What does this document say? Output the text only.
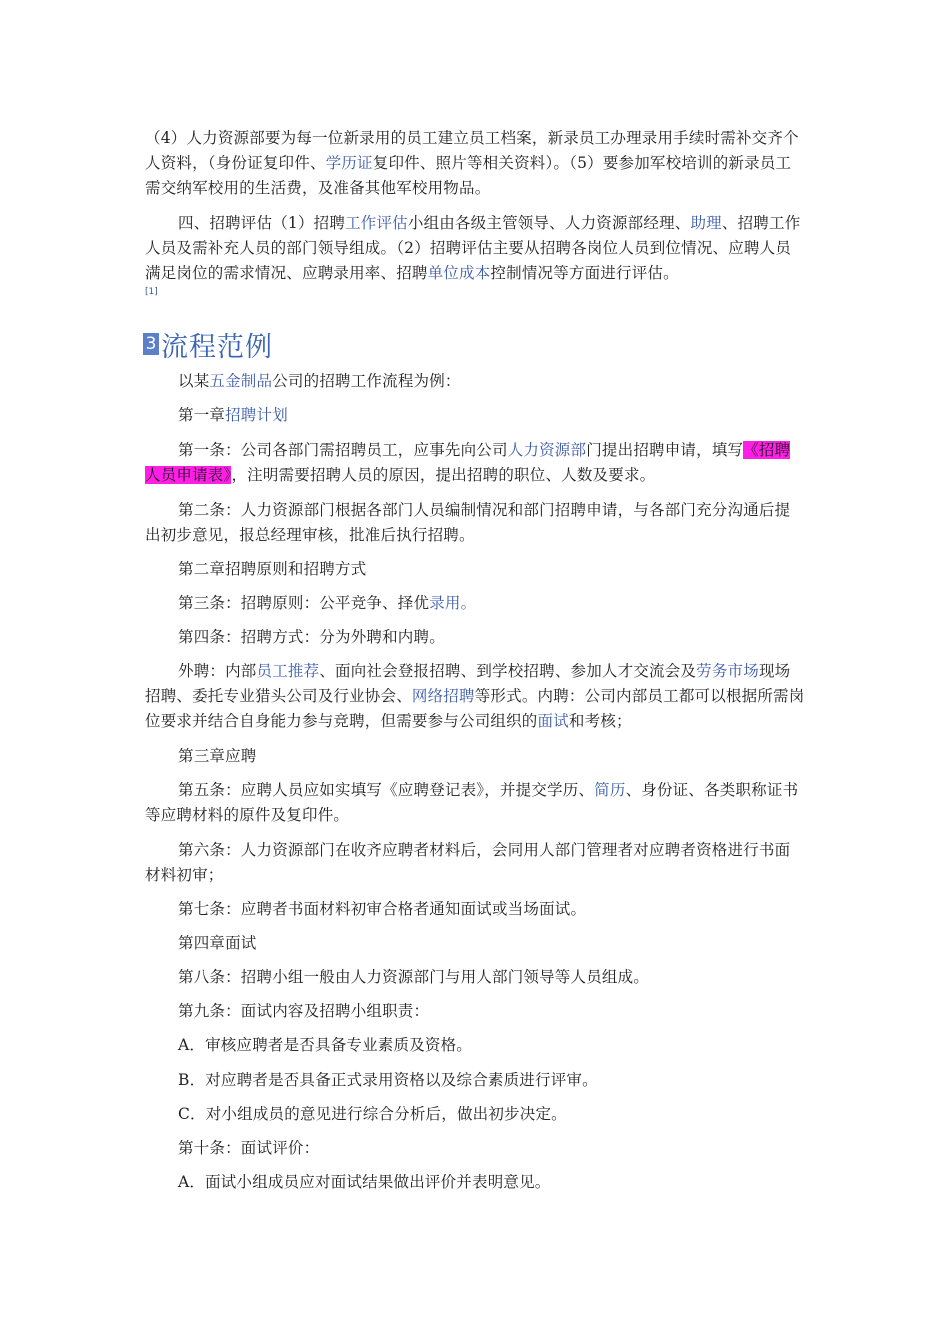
（4）人力资源部要为每一位新录用的员工建立员工档案，新录员工办理录用手续时需补交齐个人资料，（身份证复印件、学历证复印件、照片等相关资料）。（5）要参加军校培训的新录员工需交纳军校用的生活费，及准备其他军校用物品。

四、招聘评估（1）招聘工作评估小组由各级主管领导、人力资源部经理、助理、招聘工作人员及需补充人员的部门领导组成。（2）招聘评估主要从招聘各岗位人员到位情况、应聘人员满足岗位的需求情况、应聘录用率、招聘单位成本控制情况等方面进行评估。

[1]
3 流程范例

以某五金制品公司的招聘工作流程为例：

第一章招聘计划

第一条：公司各部门需招聘员工，应事先向公司人力资源部门提出招聘申请，填写《招聘人员申请表》，注明需要招聘人员的原因，提出招聘的职位、人数及要求。

第二条：人力资源部门根据各部门人员编制情况和部门招聘申请，与各部门充分沟通后提出初步意见，报总经理审核，批准后执行招聘。

第二章招聘原则和招聘方式

第三条：招聘原则：公平竞争、择优录用。

第四条：招聘方式：分为外聘和内聘。

外聘：内部员工推荐、面向社会登报招聘、到学校招聘、参加人才交流会及劳务市场现场招聘、委托专业猎头公司及行业协会、网络招聘等形式。内聘：公司内部员工都可以根据所需岗位要求并结合自身能力参与竞聘，但需要参与公司组织的面试和考核；

第三章应聘

第五条：应聘人员应如实填写《应聘登记表》，并提交学历、简历、身份证、各类职称证书等应聘材料的原件及复印件。

第六条：人力资源部门在收齐应聘者材料后，会同用人部门管理者对应聘者资格进行书面材料初审；

第七条：应聘者书面材料初审合格者通知面试或当场面试。

第四章面试

第八条：招聘小组一般由人力资源部门与用人部门领导等人员组成。

第九条：面试内容及招聘小组职责：

A．审核应聘者是否具备专业素质及资格。

B．对应聘者是否具备正式录用资格以及综合素质进行评审。

C．对小组成员的意见进行综合分析后，做出初步决定。

第十条：面试评价：

A．面试小组成员应对面试结果做出评价并表明意见。
